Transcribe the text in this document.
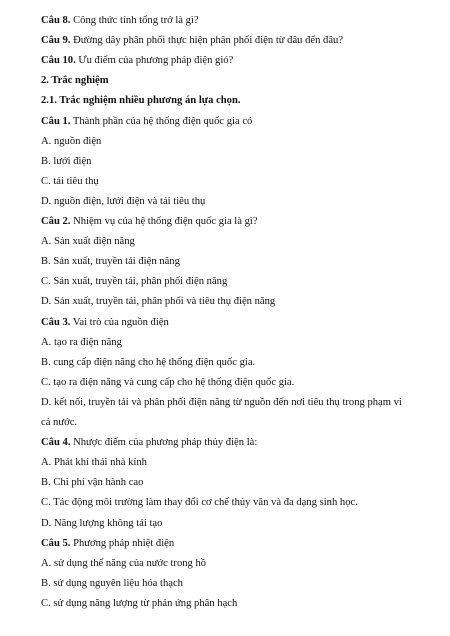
Câu 8. Công thức tính tổng trở là gì?
Câu 9. Đường dây phân phối thực hiện phân phối điện từ đâu đến đâu?
Câu 10. Ưu điểm của phương pháp điện gió?
2. Trắc nghiệm
2.1. Trắc nghiệm nhiều phương án lựa chọn.
Câu 1. Thành phần của hệ thống điện quốc gia có
A. nguồn điện
B. lưới điện
C. tải tiêu thụ
D. nguồn điện, lưới điện và tải tiêu thụ
Câu 2. Nhiệm vụ của hệ thống điện quốc gia là gì?
A. Sản xuất điện năng
B. Sản xuất, truyền tải điện năng
C. Sản xuất, truyền tải, phân phối điện năng
D. Sản xuất, truyền tải, phân phối và tiêu thụ điện năng
Câu 3. Vai trò của nguồn điện
A. tạo ra điện năng
B. cung cấp điện năng cho hệ thống điện quốc gia.
C. tạo ra điện năng và cung cấp cho hệ thống điện quốc gia.
D. kết nối, truyền tải và phân phối điện năng từ nguồn đến nơi tiêu thụ trong phạm vi
cả nước.
Câu 4. Nhược điểm của phương pháp thủy điện là:
A. Phát khí thải nhà kính
B. Chi phí vận hành cao
C. Tác động môi trường làm thay đổi cơ chế thủy văn và đa dạng sinh học.
D. Năng lượng không tái tạo
Câu 5. Phương pháp nhiệt điện
A. sử dụng thế năng của nước trong hồ
B. sử dụng nguyên liệu hóa thạch
C. sử dụng năng lượng từ phản ứng phân hạch
